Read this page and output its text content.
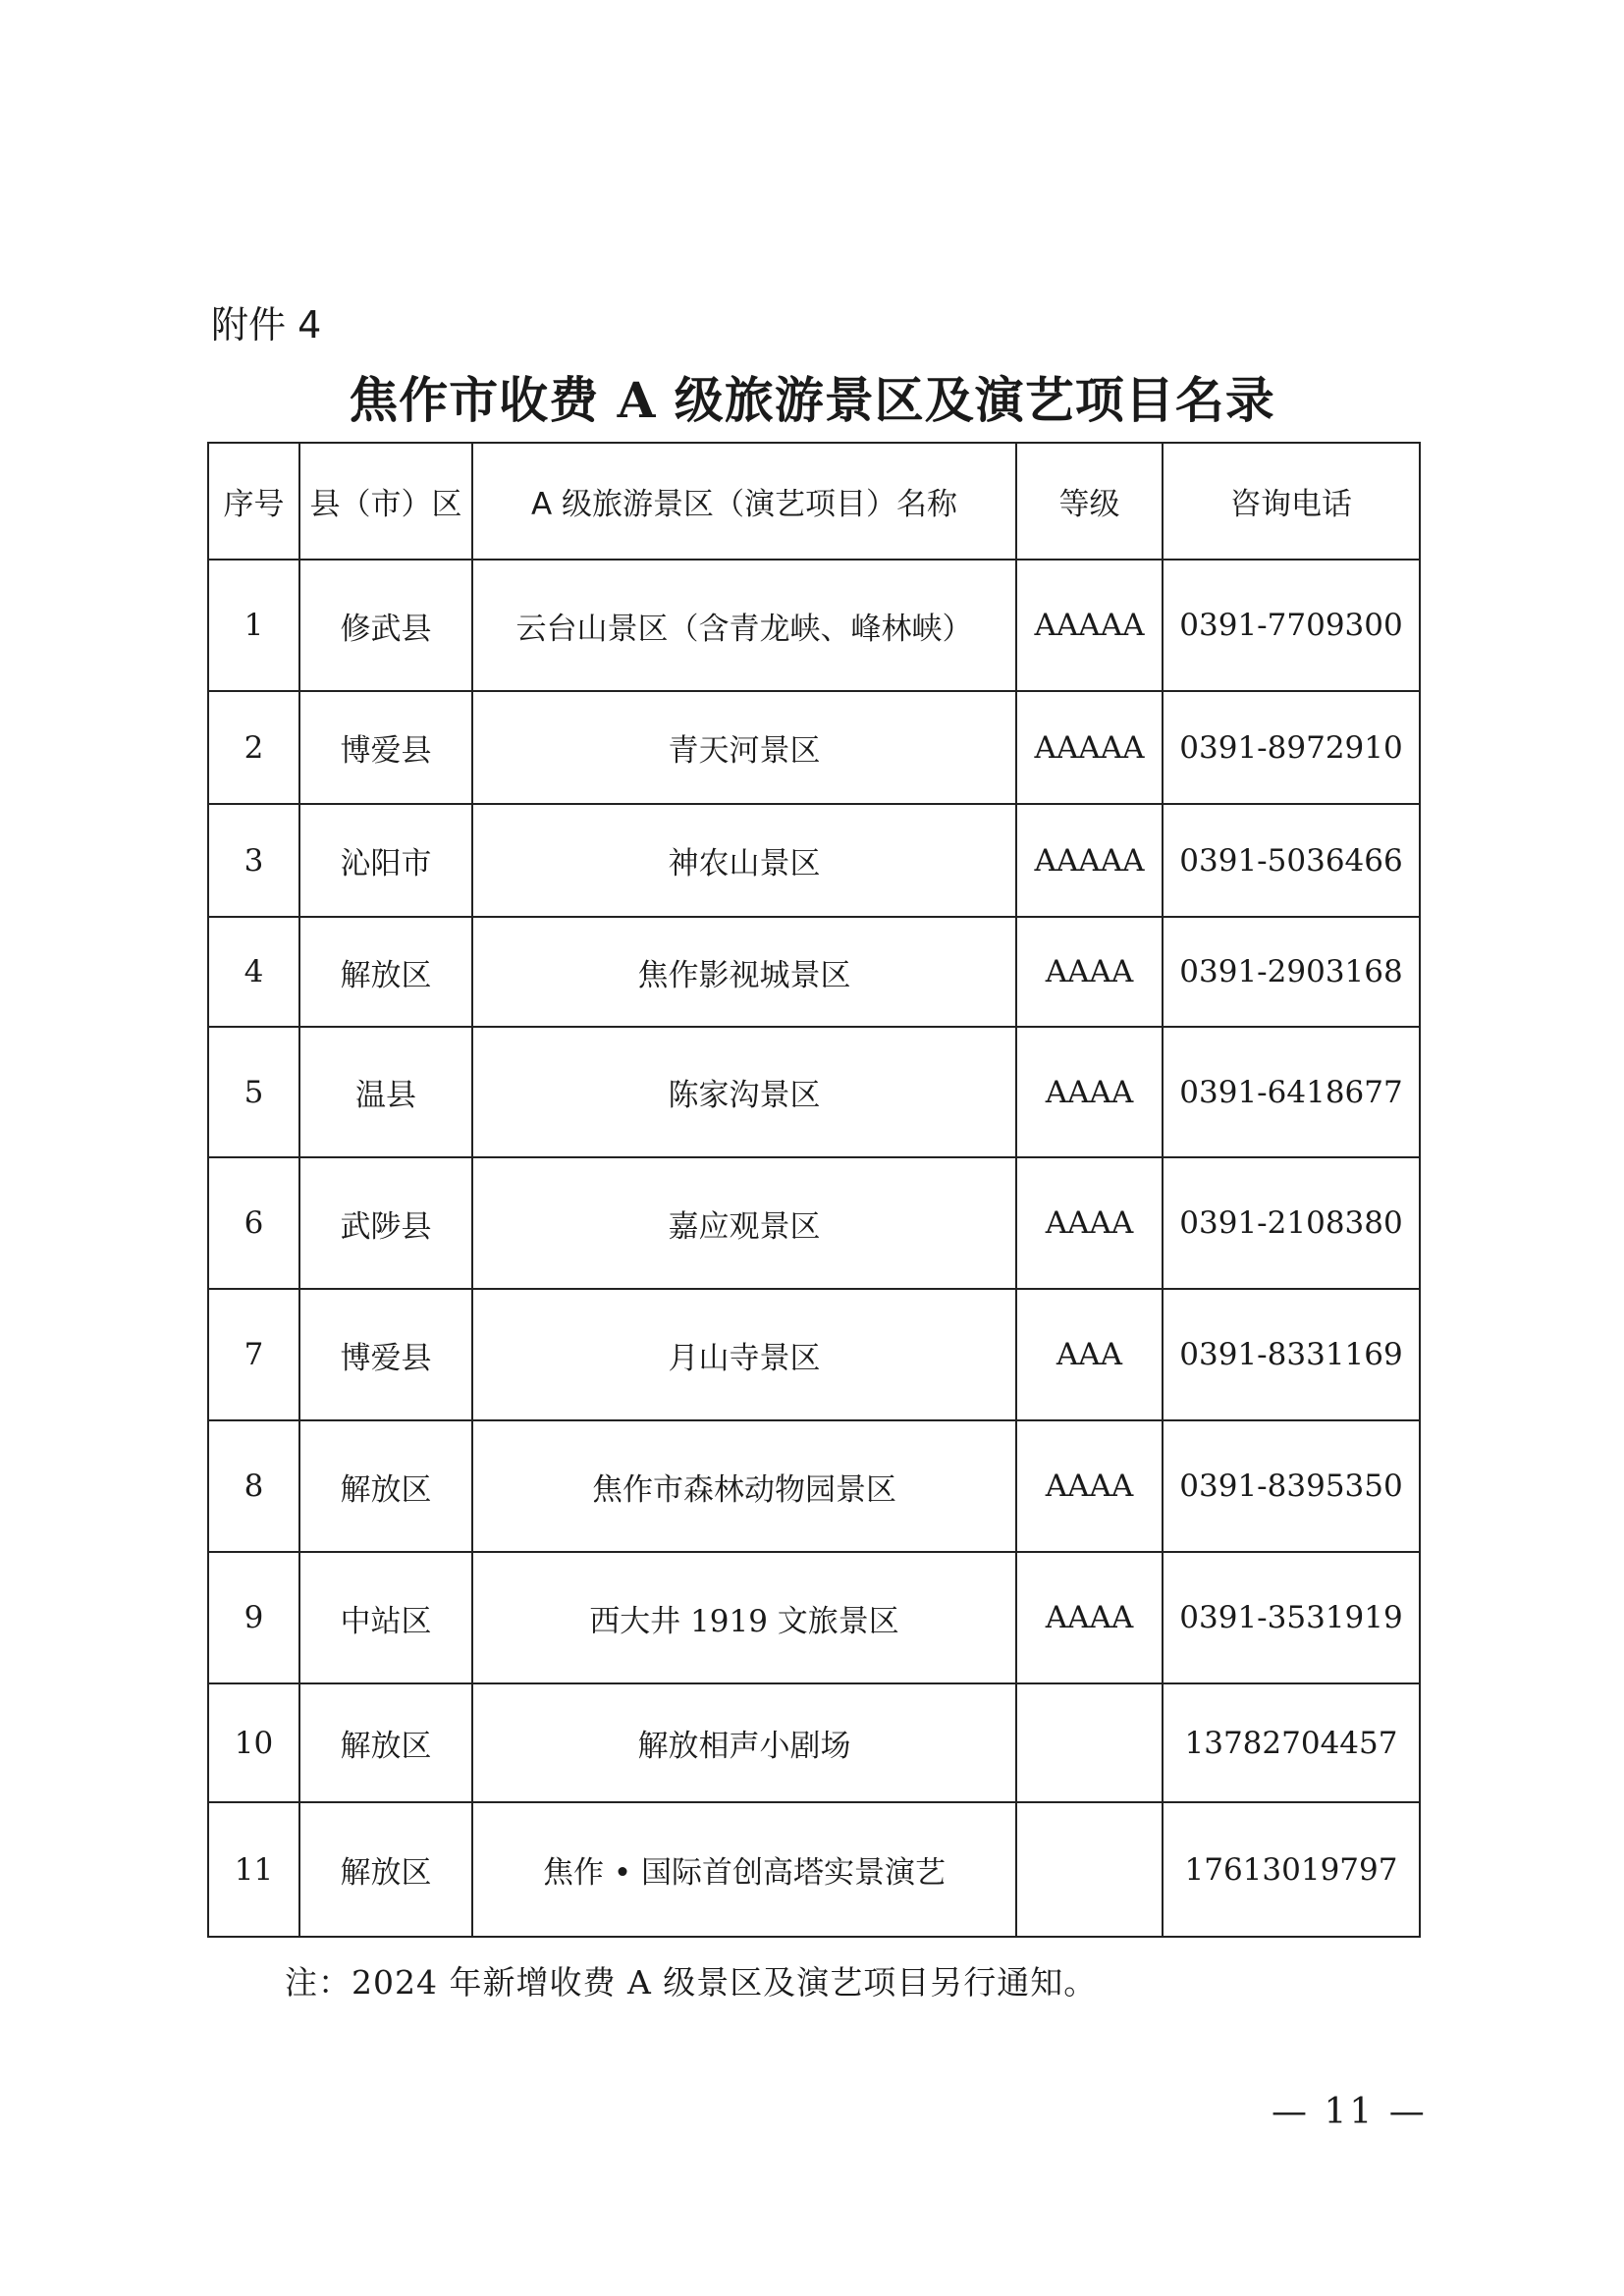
附件 4
焦作市收费 A 级旅游景区及演艺项目名录
序号	县（市）区	A 级旅游景区（演艺项目）名称	等级	咨询电话
1	修武县	云台山景区（含青龙峡、峰林峡）	AAAAA	0391-7709300
2	博爱县	青天河景区	AAAAA	0391-8972910
3	沁阳市	神农山景区	AAAAA	0391-5036466
4	解放区	焦作影视城景区	AAAA	0391-2903168
5	温县	陈家沟景区	AAAA	0391-6418677
6	武陟县	嘉应观景区	AAAA	0391-2108380
7	博爱县	月山寺景区	AAA	0391-8331169
8	解放区	焦作市森林动物园景区	AAAA	0391-8395350
9	中站区	西大井 1919 文旅景区	AAAA	0391-3531919
10	解放区	解放相声小剧场		13782704457
11	解放区	焦作 • 国际首创高塔实景演艺		17613019797
注：2024 年新增收费 A 级景区及演艺项目另行通知。
— 11 —
